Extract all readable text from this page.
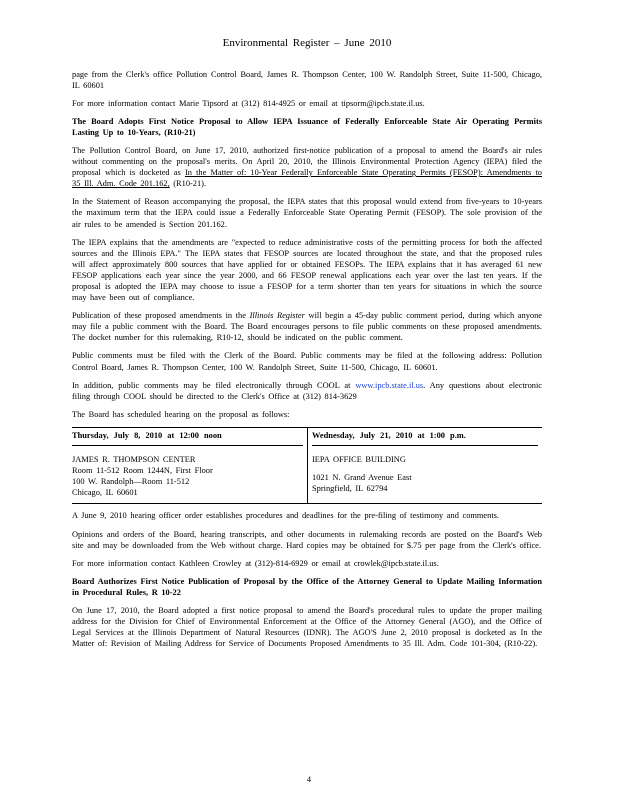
Environmental Register – June 2010

page from the Clerk's office Pollution Control Board, James R. Thompson Center, 100 W. Randolph Street, Suite 11-500, Chicago, IL 60601

For more information contact Marie Tipsord at (312) 814-4925 or email at tipsorm@ipcb.state.il.us.

The Board Adopts First Notice Proposal to Allow IEPA Issuance of Federally Enforceable State Air Operating Permits Lasting Up to 10-Years, (R10-21)

The Pollution Control Board, on June 17, 2010, authorized first-notice publication of a proposal to amend the Board's air rules without commenting on the proposal's merits. On April 20, 2010, the Illinois Environmental Protection Agency (IEPA) filed the proposal which is docketed as In the Matter of: 10-Year Federally Enforceable State Operating Permits (FESOP): Amendments to 35 Ill. Adm. Code 201.162, (R10-21).

In the Statement of Reason accompanying the proposal, the IEPA states that this proposal would extend from five-years to 10-years the maximum term that the IEPA could issue a Federally Enforceable State Operating Permit (FESOP). The sole provision of the air rules to be amended is Section 201.162.

The IEPA explains that the amendments are "expected to reduce administrative costs of the permitting process for both the affected sources and the Illinois EPA." The IEPA states that FESOP sources are located throughout the state, and that the proposed rules will affect approximately 800 sources that have applied for or obtained FESOPs. The IEPA explains that it has averaged 61 new FESOP applications each year since the year 2000, and 66 FESOP renewal applications each year over the last ten years. If the proposal is adopted the IEPA may choose to issue a FESOP for a term shorter than ten years for situations in which the source may have been out of compliance.

Publication of these proposed amendments in the Illinois Register will begin a 45-day public comment period, during which anyone may file a public comment with the Board. The Board encourages persons to file public comments on these proposed amendments. The docket number for this rulemaking, R10-12, should be indicated on the public comment.

Public comments must be filed with the Clerk of the Board. Public comments may be filed at the following address: Pollution Control Board, James R. Thompson Center, 100 W. Randolph Street, Suite 11-500, Chicago, IL 60601.

In addition, public comments may be filed electronically through COOL at www.ipcb.state.il.us. Any questions about electronic filing through COOL should be directed to the Clerk's Office at (312) 814-3629

The Board has scheduled hearing on the proposal as follows:

Thursday, July 8, 2010 at 12:00 noon
JAMES R. THOMPSON CENTER
Room 11-512 Room 1244N, First Floor
100 W. Randolph—Room 11-512
Chicago, IL 60601
Wednesday, July 21, 2010 at 1:00 p.m.
IEPA OFFICE BUILDING
1021 N. Grand Avenue East
Springfield, IL 62794

A June 9, 2010 hearing officer order establishes procedures and deadlines for the pre-filing of testimony and comments.

Opinions and orders of the Board, hearing transcripts, and other documents in rulemaking records are posted on the Board's Web site and may be downloaded from the Web without charge. Hard copies may be obtained for $.75 per page from the Clerk's office.

For more information contact Kathleen Crowley at (312)-814-6929 or email at crowlek@ipcb.state.il.us.

Board Authorizes First Notice Publication of Proposal by the Office of the Attorney General to Update Mailing Information in Procedural Rules, R 10-22

On June 17, 2010, the Board adopted a first notice proposal to amend the Board's procedural rules to update the proper mailing address for the Division for Chief of Environmental Enforcement at the Office of the Attorney General (AGO), and the Office of Legal Services at the Illinois Department of Natural Resources (IDNR). The AGO'S June 2, 2010 proposal is docketed as In the Matter of: Revision of Mailing Address for Service of Documents Proposed Amendments to 35 Ill. Adm. Code 101-304, (R10-22).

4
